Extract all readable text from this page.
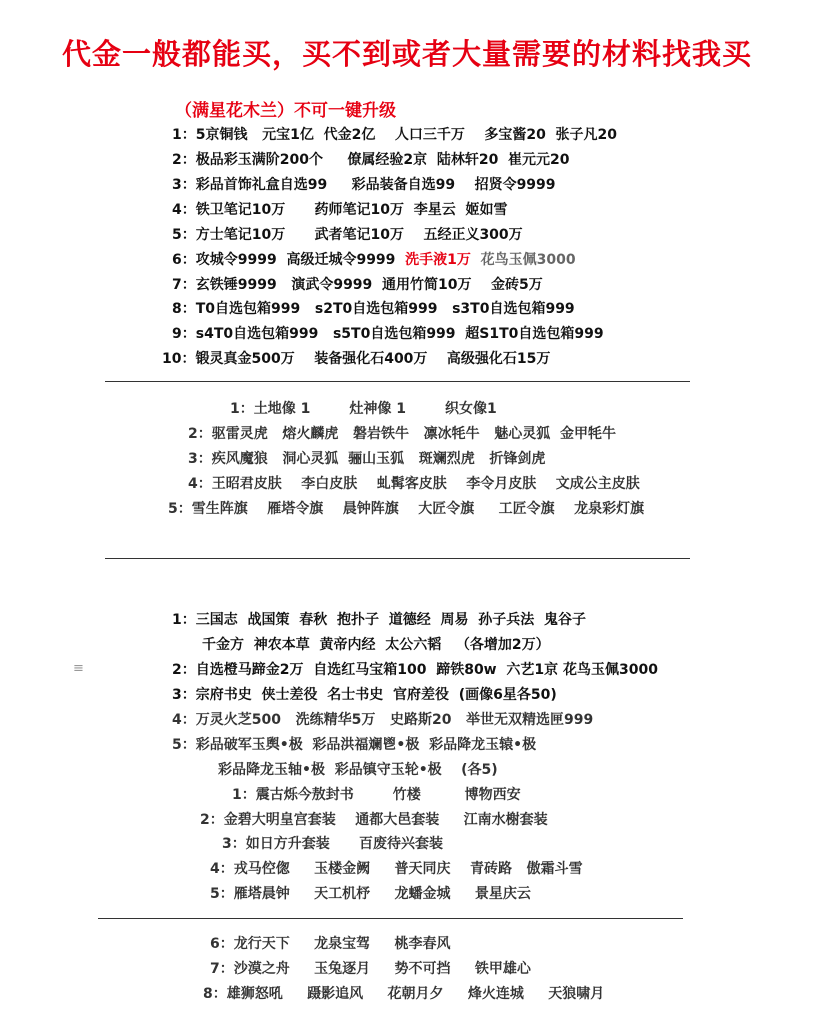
代金一般都能买，买不到或者大量需要的材料找我买
（满星花木兰）不可一键升级
1：5京铜钱   元宝1亿  代金2亿    人口三千万    多宝酱20  张子凡20
2：极品彩玉满阶200个     僚属经验2京  陆林轩20  崔元元20
3：彩品首饰礼盒自选99     彩品装备自选99    招贤令9999
4：铁卫笔记10万      药师笔记10万  李星云  姬如雪
5：方士笔记10万      武者笔记10万    五经正义300万
6：攻城令9999  高级迁城令9999  洗手液1万  花鸟玉佩3000
7：玄铁锤9999   演武令9999  通用竹简10万    金砖5万
8：T0自选包箱999   s2T0自选包箱999   s3T0自选包箱999
9：s4T0自选包箱999   s5T0自选包箱999  超S1T0自选包箱999
10：锻灵真金500万    装备强化石400万    高级强化石15万
1：土地像 1        灶神像 1        织女像1
2：驱雷灵虎   熔火麟虎   磐岩铁牛   凛冰牦牛   魅心灵狐  金甲牦牛
3：疾风魔狼   洞心灵狐  骊山玉狐   斑斓烈虎   折锋剑虎
4：王昭君皮肤    李白皮肤    虬髯客皮肤    李令月皮肤    文成公主皮肤
5：雪生阵旗    雁塔令旗    晨钟阵旗    大匠令旗     工匠令旗    龙泉彩灯旗
1：三国志  战国策  春秋  抱扑子  道德经  周易  孙子兵法  鬼谷子
千金方  神农本草  黄帝内经  太公六韬   （各增加2万）
≡	2：自选橙马蹄金2万  自选红马宝箱100  蹄铁80w  六艺1京 花鸟玉佩3000
3：宗府书史  侠士差役  名士书史  官府差役  (画像6星各50)
4：万灵火芝500   洗练精华5万   史路斯20   举世无双精选匣999
5：彩品破军玉舆•极  彩品洪福斓鬯•极  彩品降龙玉辕•极
彩品降龙玉轴•极  彩品镇守玉轮•极    (各5)
1：震古烁今敖封书        竹楼         博物西安
2：金碧大明皇宫套装    通都大邑套装     江南水榭套装
3：如日方升套装      百废待兴套装
4：戎马倥偬     玉楼金阙     普天同庆    青砖路   傲霜斗雪
5：雁塔晨钟     天工机杼     龙蟠金城     景星庆云
6：龙行天下     龙泉宝驾     桃李春风
7：沙漠之舟     玉兔逐月     势不可挡     铁甲雄心
8：雄狮怒吼     蹑影追风     花朝月夕     烽火连城     天狼啸月
